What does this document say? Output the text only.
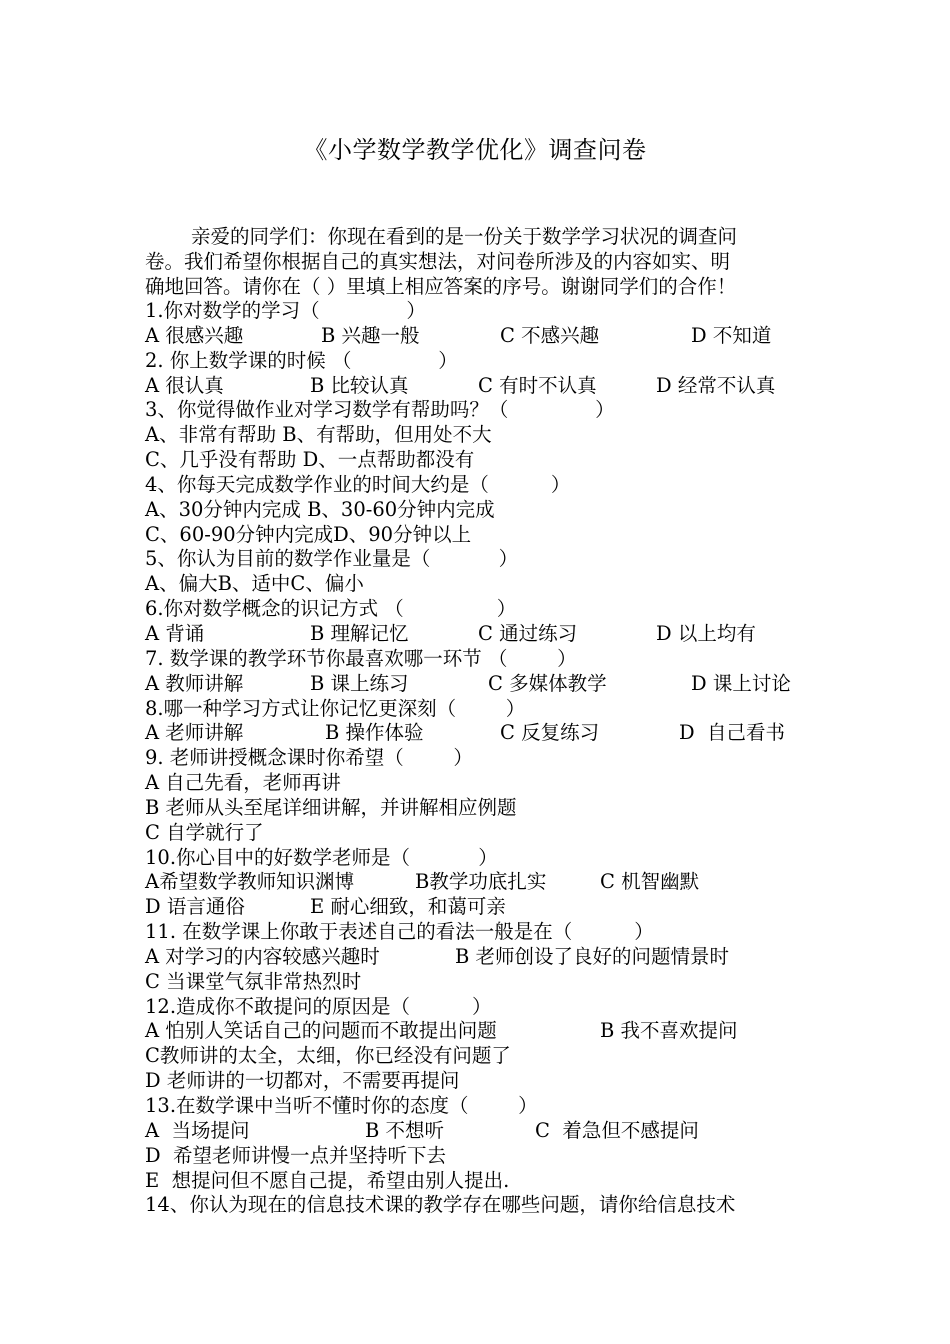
《小学数学教学优化》调查问卷
亲爱的同学们：你现在看到的是一份关于数学学习状况的调查问
卷。我们希望你根据自己的真实想法，对问卷所涉及的内容如实、明
确地回答。请你在（ ）里填上相应答案的序号。谢谢同学们的合作！
1.你对数学的学习（              ）
A 很感兴趣	B 兴趣一般	C 不感兴趣	D 不知道
2. 你上数学课的时候 （              ）
A 很认真	B 比较认真	C 有时不认真	D 经常不认真
3、你觉得做作业对学习数学有帮助吗？（              ）
A、非常有帮助 B、有帮助，但用处不大
C、几乎没有帮助 D、一点帮助都没有
4、你每天完成数学作业的时间大约是（          ）
A、30分钟内完成 B、30-60分钟内完成
C、60-90分钟内完成D、90分钟以上
5、你认为目前的数学作业量是（           ）
A、偏大B、适中C、偏小
6.你对数学概念的识记方式 （               ）
A 背诵	B 理解记忆	C 通过练习	D 以上均有
7. 数学课的教学环节你最喜欢哪一环节 （        ）
A 教师讲解	B 课上练习	C 多媒体教学	D 课上讨论
8.哪一种学习方式让你记忆更深刻（        ）
A 老师讲解	B 操作体验	C 反复练习	D  自己看书
9. 老师讲授概念课时你希望（        ）
A 自己先看，老师再讲
B 老师从头至尾详细讲解，并讲解相应例题
C 自学就行了
10.你心目中的好数学老师是（           ）
A希望数学教师知识渊博	B教学功底扎实	C 机智幽默
D 语言通俗	E 耐心细致，和蔼可亲
11. 在数学课上你敢于表述自己的看法一般是在（          ）
A 对学习的内容较感兴趣时	B 老师创设了良好的问题情景时
C 当课堂气氛非常热烈时
12.造成你不敢提问的原因是（          ）
A 怕别人笑话自己的问题而不敢提出问题	B 我不喜欢提问
C教师讲的太全，太细，你已经没有问题了
D 老师讲的一切都对，不需要再提问
13.在数学课中当听不懂时你的态度（        ）
A  当场提问	B 不想听	C  着急但不感提问
D  希望老师讲慢一点并坚持听下去
E  想提问但不愿自己提，希望由别人提出.
14、你认为现在的信息技术课的教学存在哪些问题，请你给信息技术
